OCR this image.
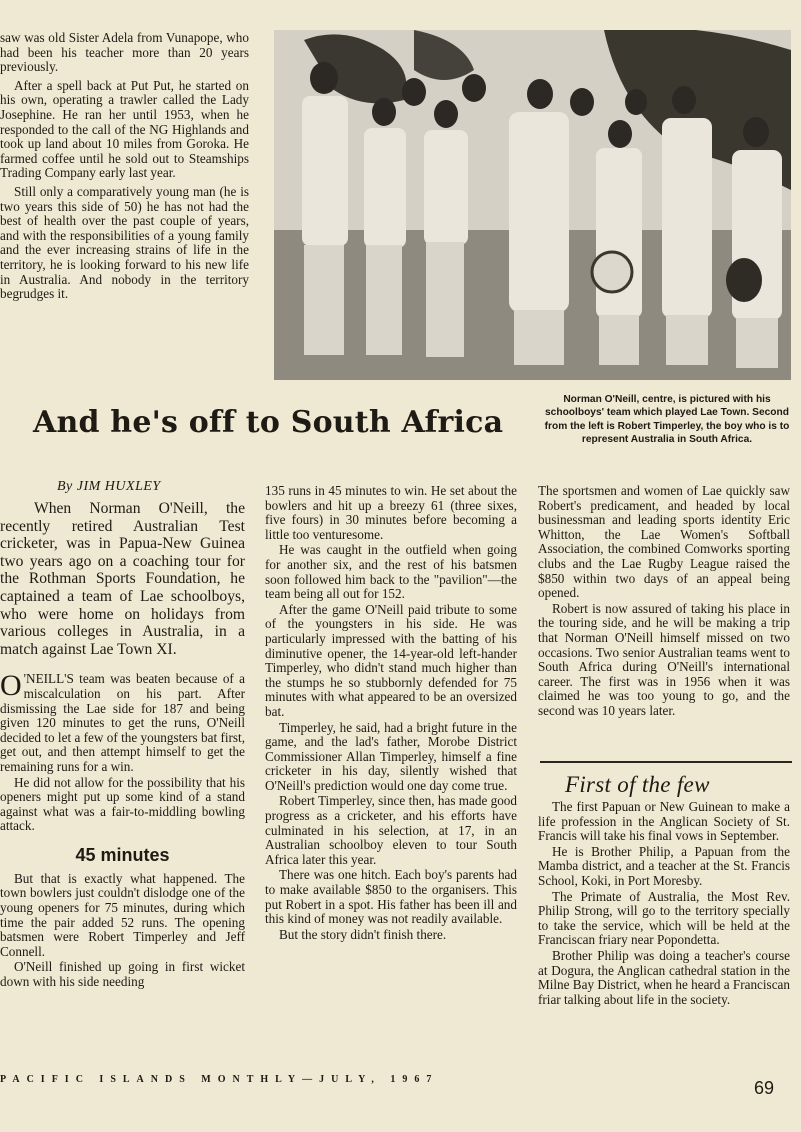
saw was old Sister Adela from Vunapope, who had been his teacher more than 20 years previously.

After a spell back at Put Put, he started on his own, operating a trawler called the Lady Josephine. He ran her until 1953, when he responded to the call of the NG Highlands and took up land about 10 miles from Goroka. He farmed coffee until he sold out to Steamships Trading Company early last year.

Still only a comparatively young man (he is two years this side of 50) he has not had the best of health over the past couple of years, and with the responsibilities of a young family and the ever increasing strains of life in the territory, he is looking forward to his new life in Australia. And nobody in the territory begrudges it.

Norman O'Neill, centre, is pictured with his schoolboys' team which played Lae Town. Second from the left is Robert Timperley, the boy who is to represent Australia in South Africa.
And he's off to South Africa
By JIM HUXLEY

When Norman O'Neill, the recently retired Australian Test cricketer, was in Papua-New Guinea two years ago on a coaching tour for the Rothman Sports Foundation, he captained a team of Lae schoolboys, who were home on holidays from various colleges in Australia, in a match against Lae Town XI.

O 'NEILL'S team was beaten because of a miscalculation on his part. After dismissing the Lae side for 187 and being given 120 minutes to get the runs, O'Neill decided to let a few of the youngsters bat first, get out, and then attempt himself to get the remaining runs for a win.

He did not allow for the possibility that his openers might put up some kind of a stand against what was a fair-to-middling bowling attack.

45 minutes

But that is exactly what happened. The town bowlers just couldn't dislodge one of the young openers for 75 minutes, during which time the pair added 52 runs. The opening batsmen were Robert Timperley and Jeff Connell.

O'Neill finished up going in first wicket down with his side needing

135 runs in 45 minutes to win. He set about the bowlers and hit up a breezy 61 (three sixes, five fours) in 30 minutes before becoming a little too venturesome.

He was caught in the outfield when going for another six, and the rest of his batsmen soon followed him back to the "pavilion"—the team being all out for 152.

After the game O'Neill paid tribute to some of the youngsters in his side. He was particularly impressed with the batting of his diminutive opener, the 14-year-old left-hander Timperley, who didn't stand much higher than the stumps he so stubbornly defended for 75 minutes with what appeared to be an oversized bat.

Timperley, he said, had a bright future in the game, and the lad's father, Morobe District Commissioner Allan Timperley, himself a fine cricketer in his day, silently wished that O'Neill's prediction would one day come true.

Robert Timperley, since then, has made good progress as a cricketer, and his efforts have culminated in his selection, at 17, in an Australian schoolboy eleven to tour South Africa later this year.

There was one hitch. Each boy's parents had to make available $850 to the organisers. This put Robert in a spot. His father has been ill and this kind of money was not readily available.

But the story didn't finish there.

The sportsmen and women of Lae quickly saw Robert's predicament, and headed by local businessman and leading sports identity Eric Whitton, the Lae Women's Softball Association, the combined Comworks sporting clubs and the Lae Rugby League raised the $850 within two days of an appeal being opened.

Robert is now assured of taking his place in the touring side, and he will be making a trip that Norman O'Neill himself missed on two occasions. Two senior Australian teams went to South Africa during O'Neill's international career. The first was in 1956 when it was claimed he was too young to go, and the second was 10 years later.

First of the few

The first Papuan or New Guinean to make a life profession in the Anglican Society of St. Francis will take his final vows in September.

He is Brother Philip, a Papuan from the Mamba district, and a teacher at the St. Francis School, Koki, in Port Moresby.

The Primate of Australia, the Most Rev. Philip Strong, will go to the territory specially to take the service, which will be held at the Franciscan friary near Popondetta.

Brother Philip was doing a teacher's course at Dogura, the Anglican cathedral station in the Milne Bay District, when he heard a Franciscan friar talking about life in the society.

PACIFIC ISLANDS MONTHLY—JULY, 1967	69
